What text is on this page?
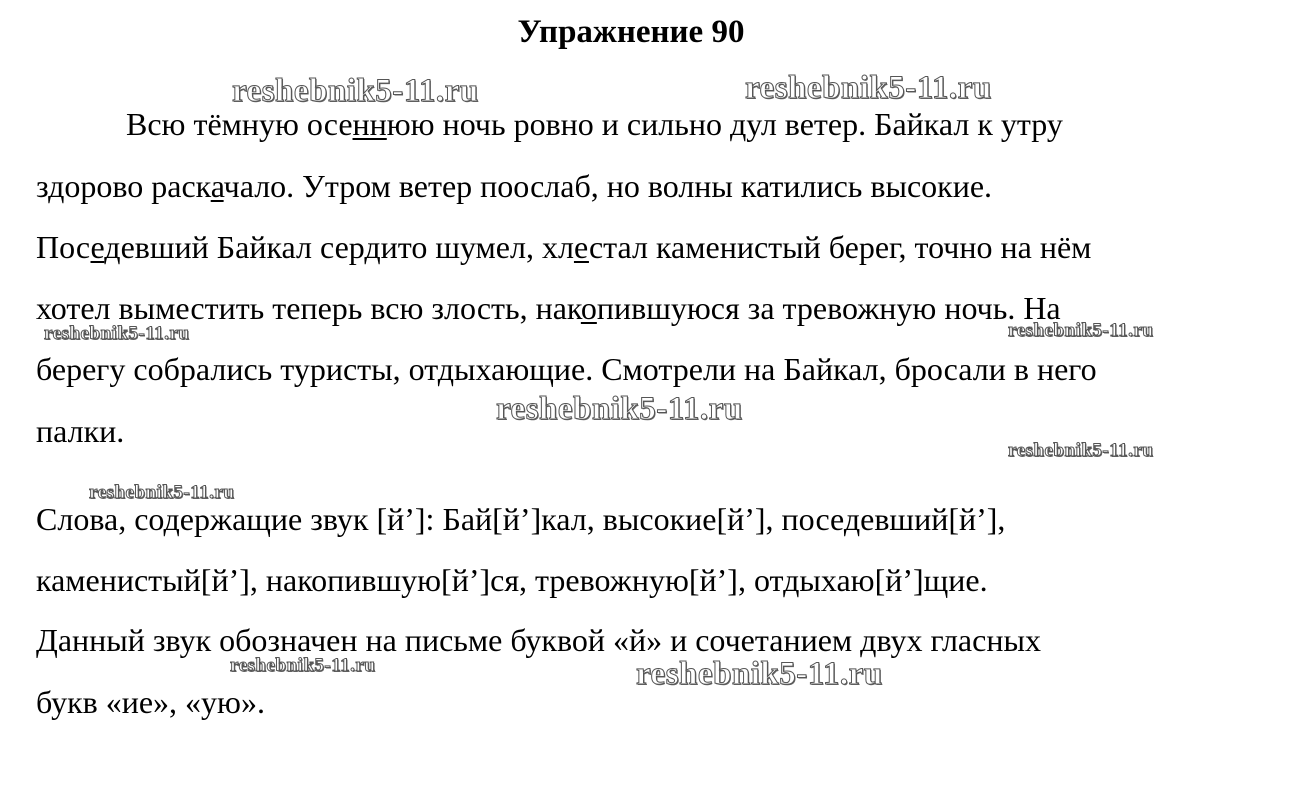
Упражнение 90
Всю тёмную осеннюю ночь ровно и сильно дул ветер. Байкал к утру
здорово раскачало. Утром ветер поослаб, но волны катились высокие.
Поседевший Байкал сердито шумел, хлестал каменистый берег, точно на нём
хотел выместить теперь всю злость, накопившуюся за тревожную ночь. На
берегу собрались туристы, отдыхающие. Смотрели на Байкал, бросали в него
палки.
Слова, содержащие звук [й’]: Бай[й’]кал, высокие[й’], поседевший[й’],
каменистый[й’], накопившую[й’]ся, тревожную[й’], отдыхаю[й’]щие.
Данный звук обозначен на письме буквой «й» и сочетанием двух гласных
букв «ие», «ую».
reshebnik5-11.ru	reshebnik5-11.ru
reshebnik5-11.ru	reshebnik5-11.ru
reshebnik5-11.ru
reshebnik5-11.ru
reshebnik5-11.ru
reshebnik5-11.ru	reshebnik5-11.ru
